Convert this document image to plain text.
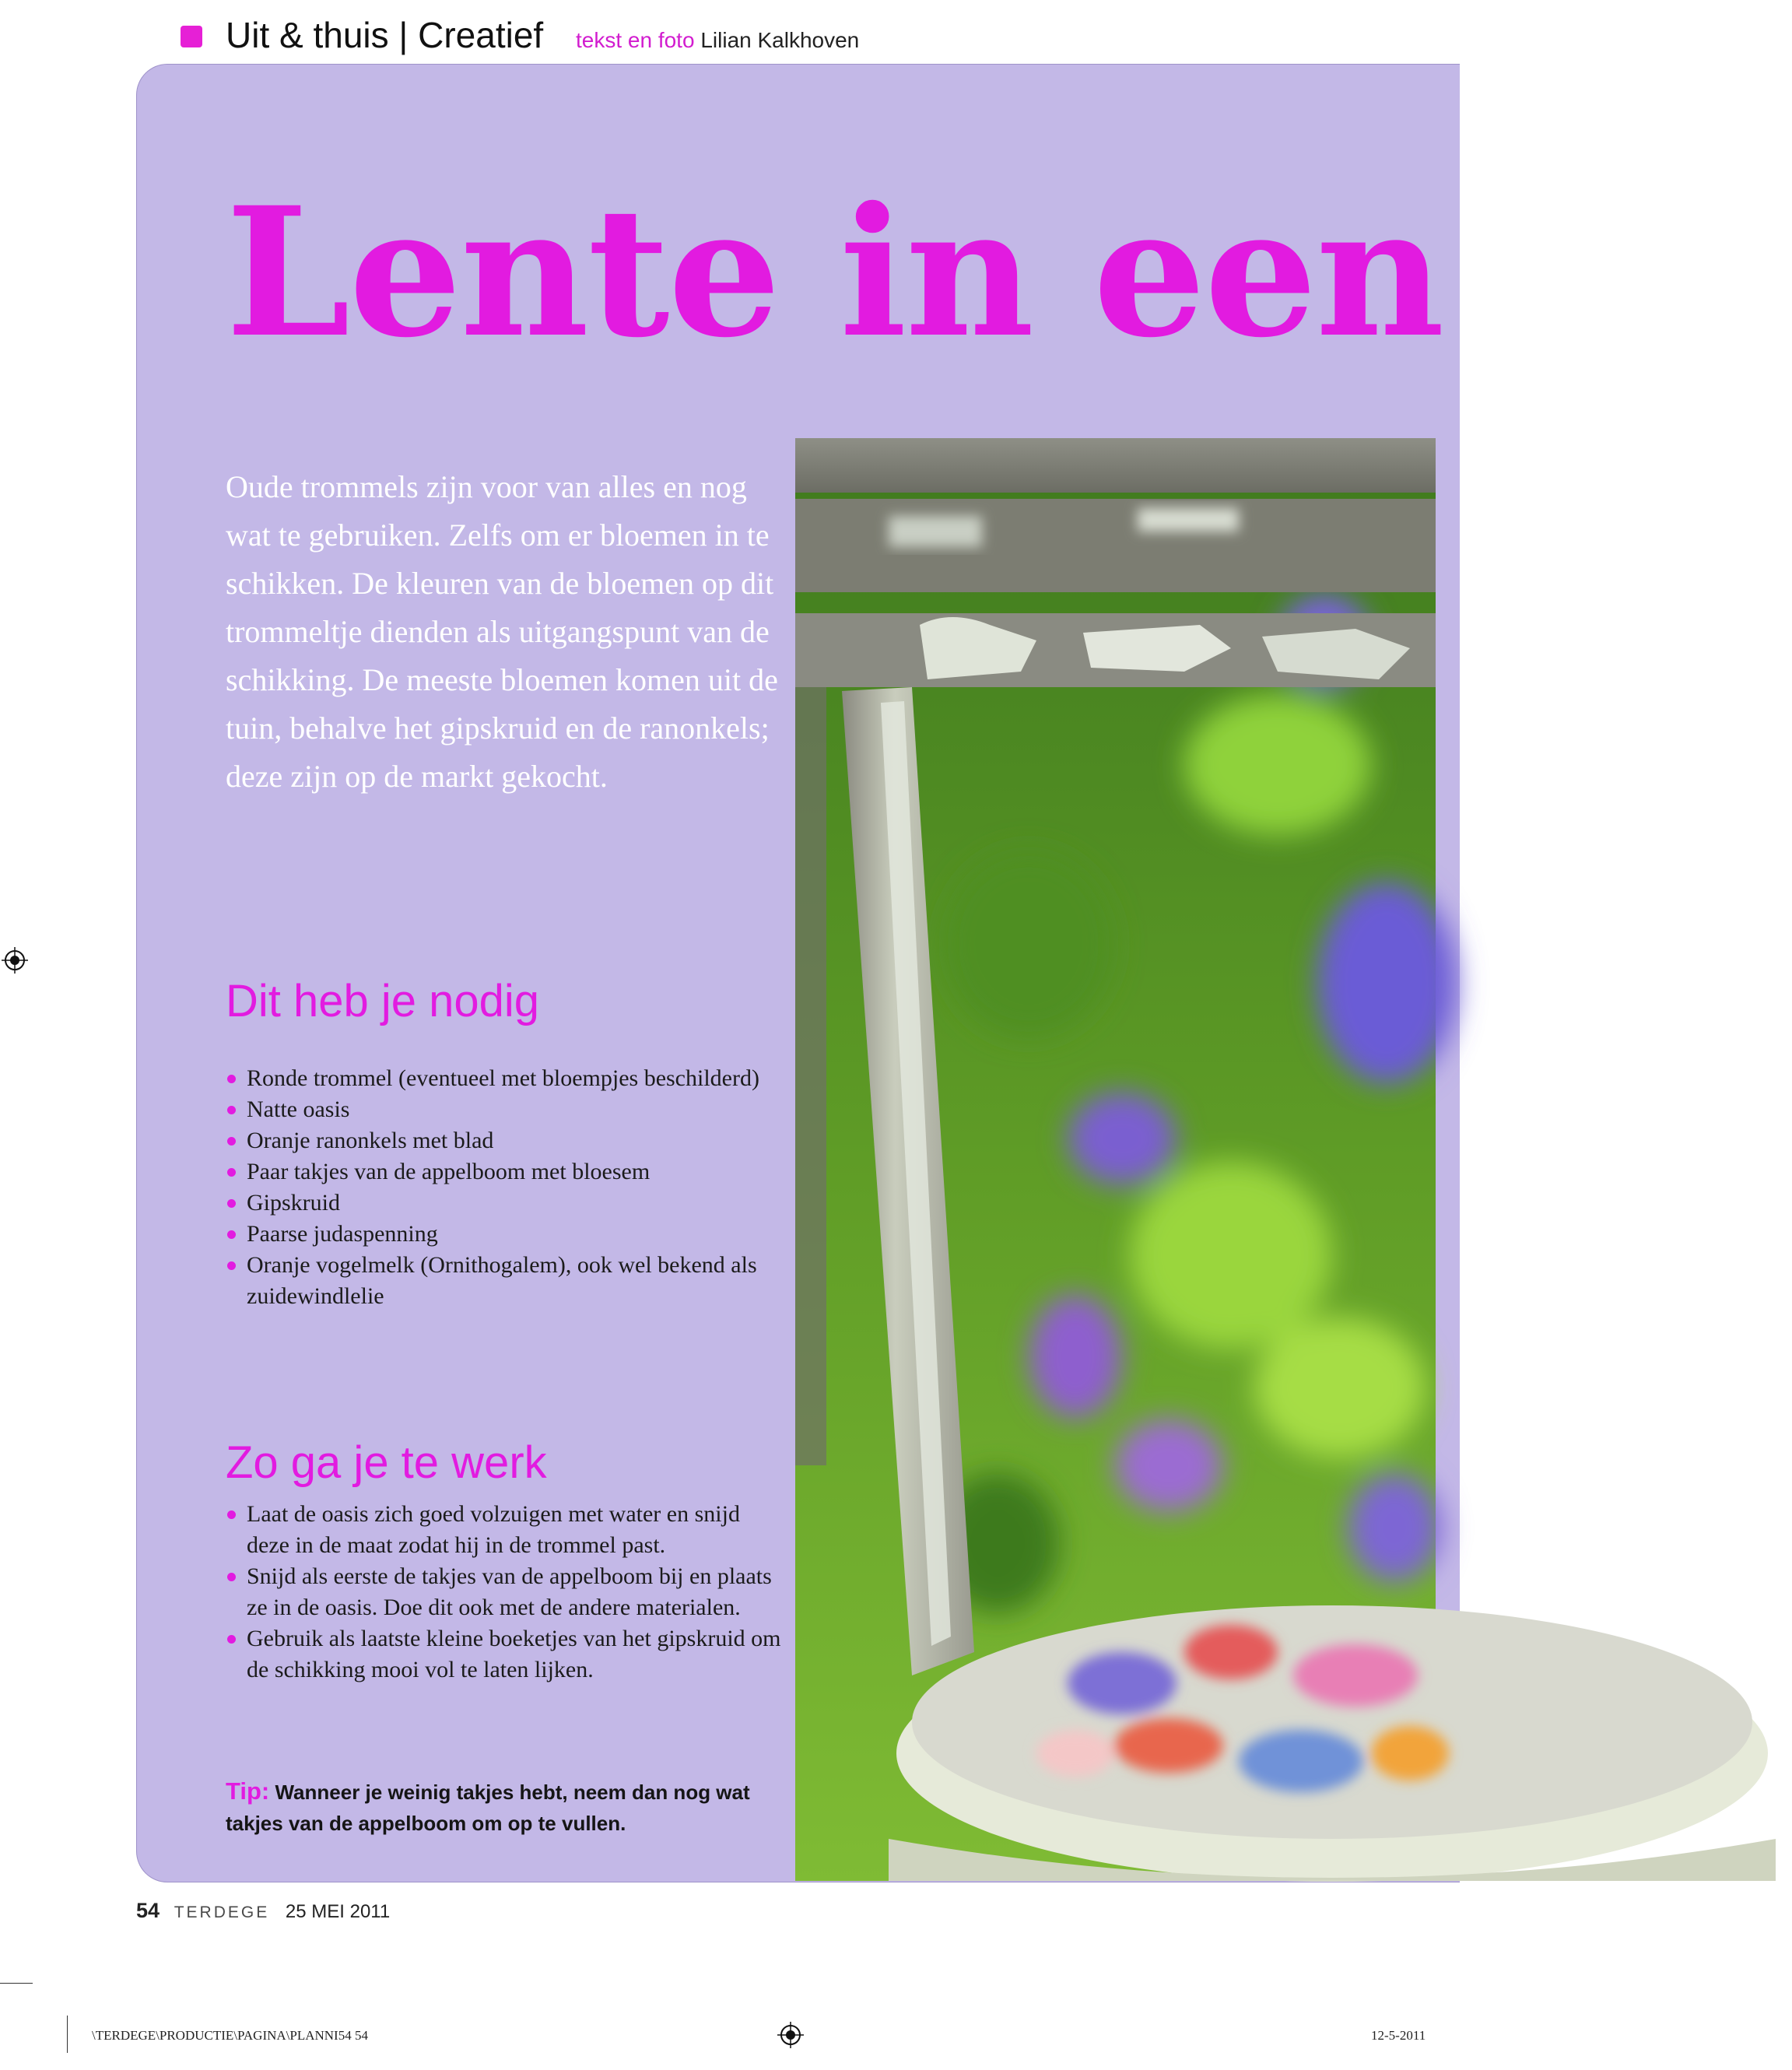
Uit & thuis | Creatief tekst en foto Lilian Kalkhoven
Lente in een tro

Oude trommels zijn voor van alles en nog wat te gebruiken. Zelfs om er bloemen in te schikken. De kleuren van de bloemen op dit trommeltje dienden als uitgangspunt van de schikking. De meeste bloemen komen uit de tuin, behalve het gipskruid en de ranonkels; deze zijn op de markt gekocht.

Dit heb je nodig
Ronde trommel (eventueel met bloempjes beschilderd)
Natte oasis
Oranje ranonkels met blad
Paar takjes van de appelboom met bloesem
Gipskruid
Paarse judaspenning
Oranje vogelmelk (Ornithogalem), ook wel bekend als zuidewindlelie
Zo ga je te werk
Laat de oasis zich goed volzuigen met water en snijd deze in de maat zodat hij in de trommel past.
Snijd als eerste de takjes van de appelboom bij en plaats ze in de oasis. Doe dit ook met de andere materialen.
Gebruik als laatste kleine boeketjes van het gipskruid om de schikking mooi vol te laten lijken.
Tip: Wanneer je weinig takjes hebt, neem dan nog wat takjes van de appelboom om op te vullen.
54 TERDEGE 25 MEI 2011
\TERDEGE\PRODUCTIE\PAGINA\PLANNI54 54	12-5-2011
